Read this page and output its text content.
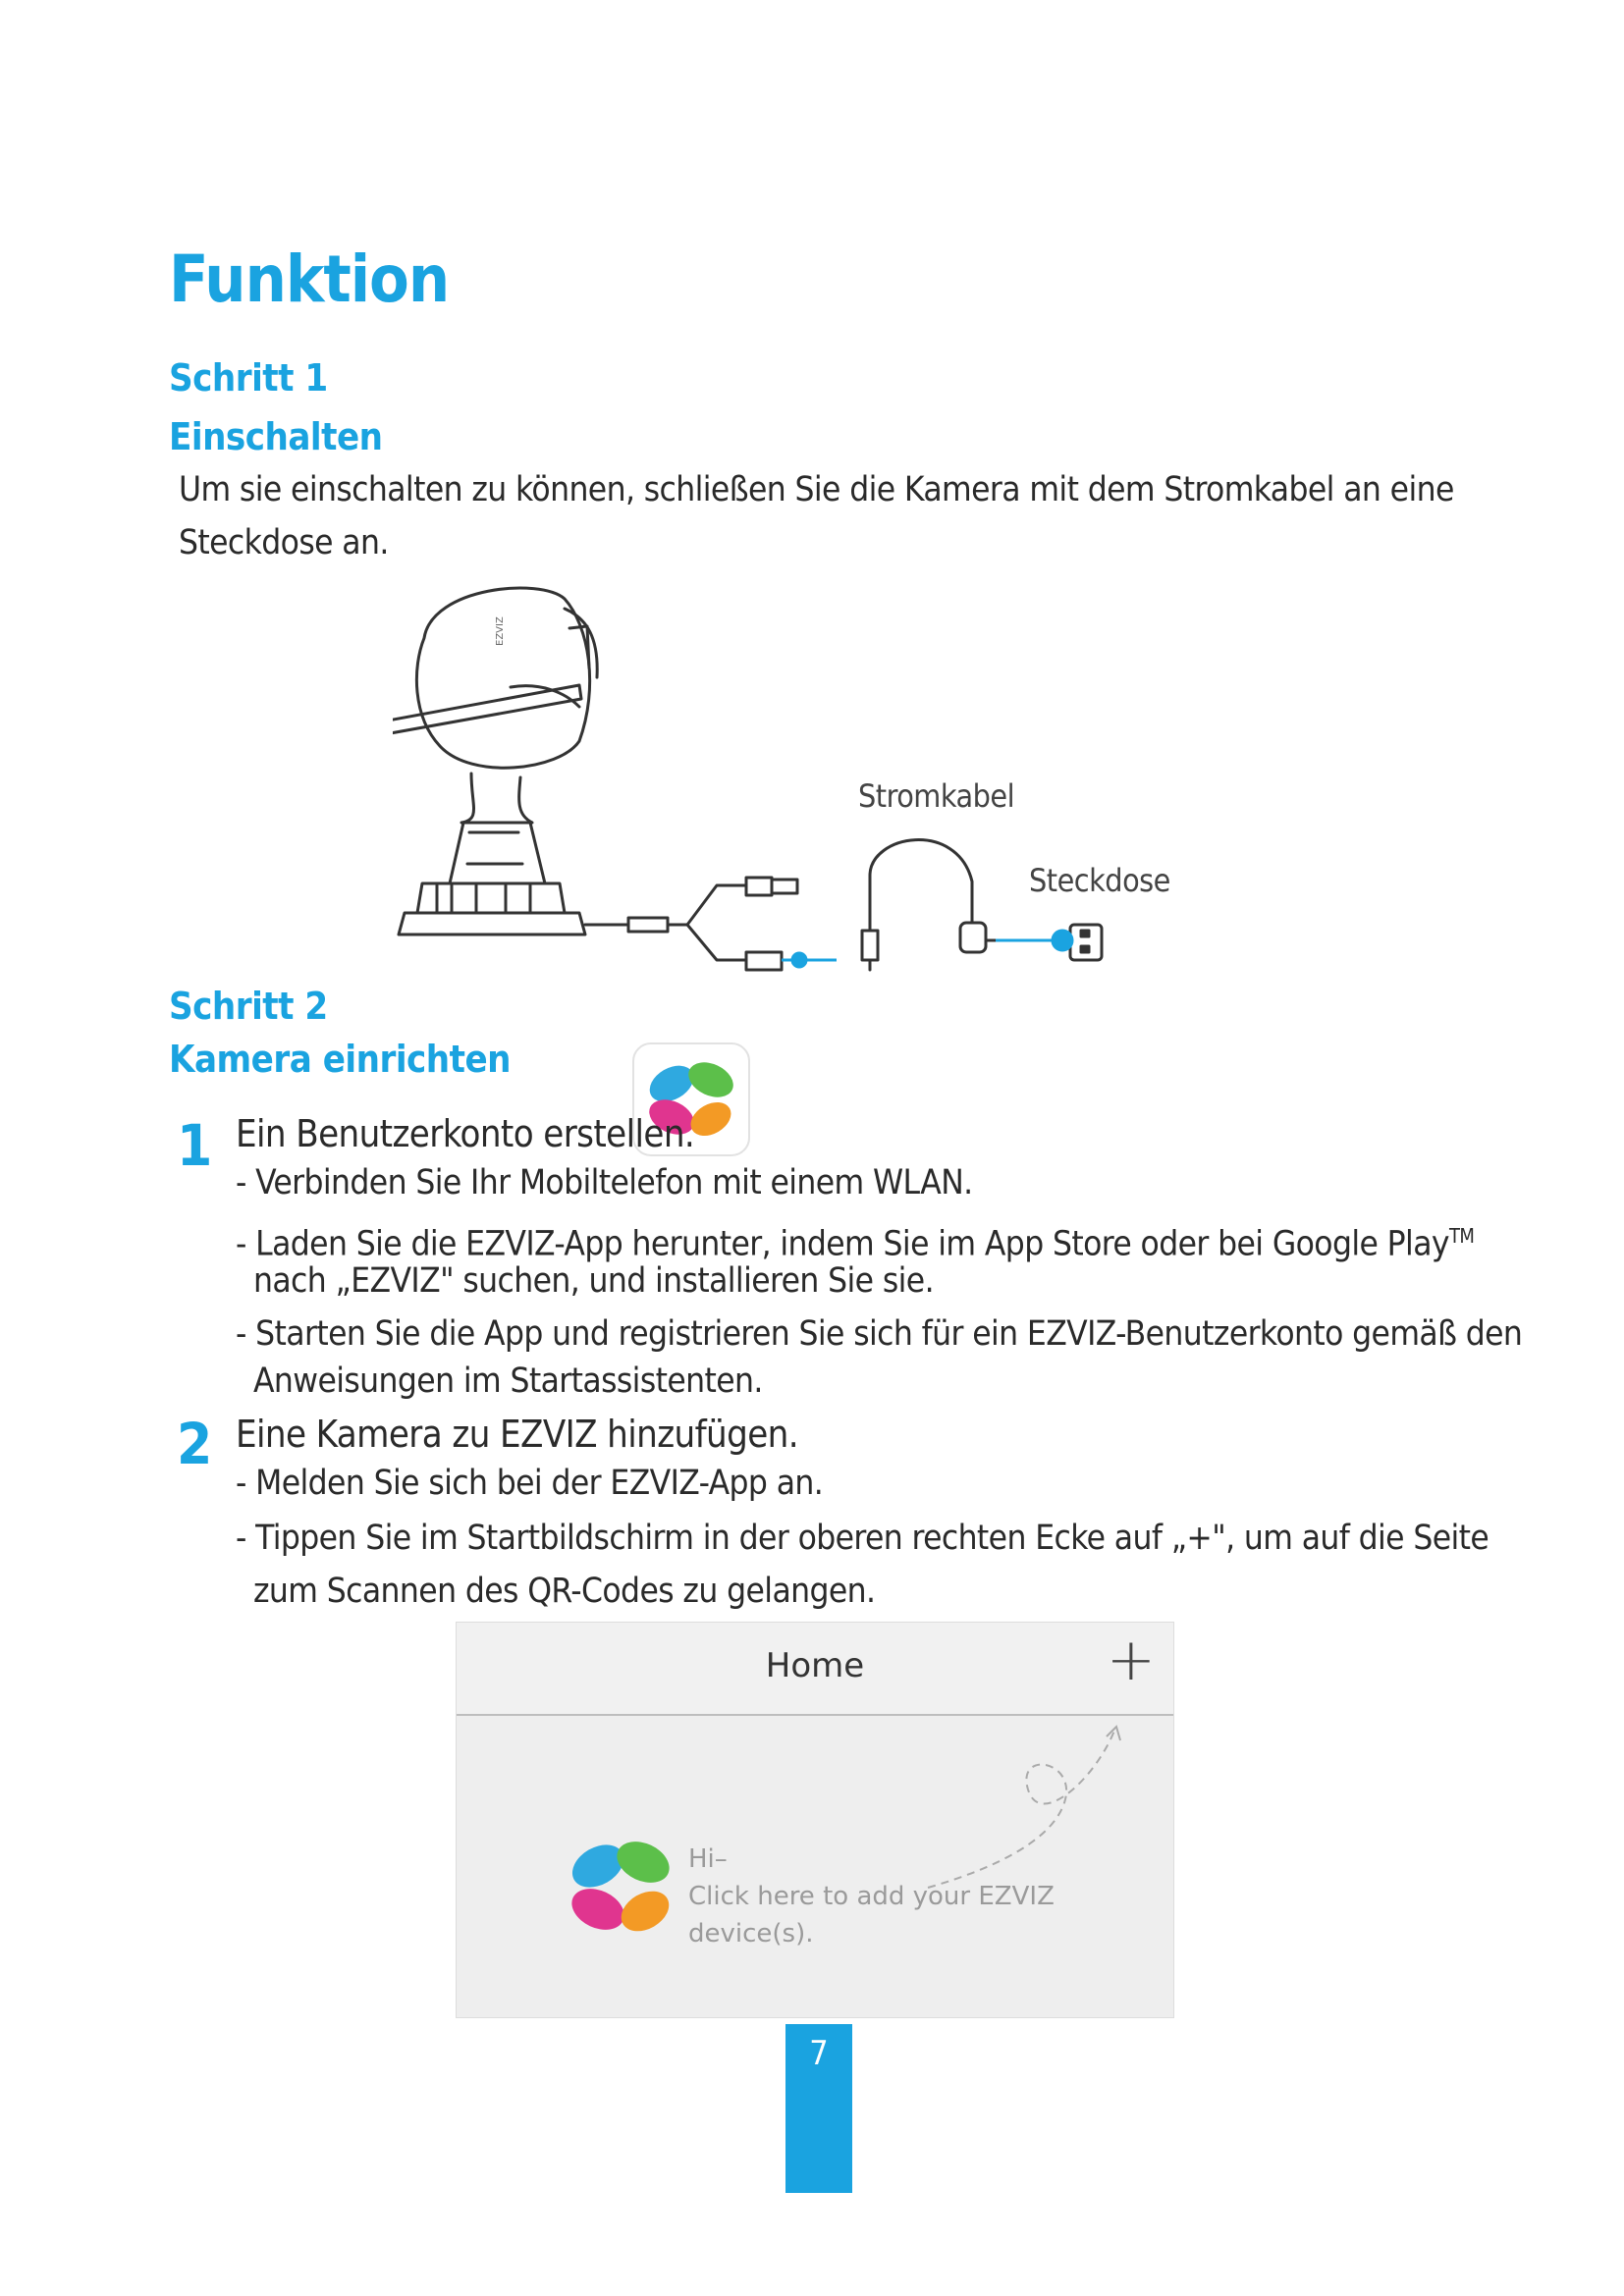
Funktion
Schritt 1
Einschalten
Um sie einschalten zu können, schließen Sie die Kamera mit dem Stromkabel an eine
Steckdose an.
EZVIZ
Stromkabel
Steckdose
Schritt 2
Kamera einrichten
1 Ein Benutzerkonto erstellen.
- Verbinden Sie Ihr Mobiltelefon mit einem WLAN.
- Laden Sie die EZVIZ-App herunter, indem Sie im App Store oder bei Google Play™
nach „EZVIZ" suchen, und installieren Sie sie.
- Starten Sie die App und registrieren Sie sich für ein EZVIZ-Benutzerkonto gemäß den
Anweisungen im Startassistenten.
2 Eine Kamera zu EZVIZ hinzufügen.
- Melden Sie sich bei der EZVIZ-App an.
- Tippen Sie im Startbildschirm in der oberen rechten Ecke auf „+", um auf die Seite
zum Scannen des QR-Codes zu gelangen.
Home	+
Hi–
Click here to add your EZVIZ
device(s).
7
